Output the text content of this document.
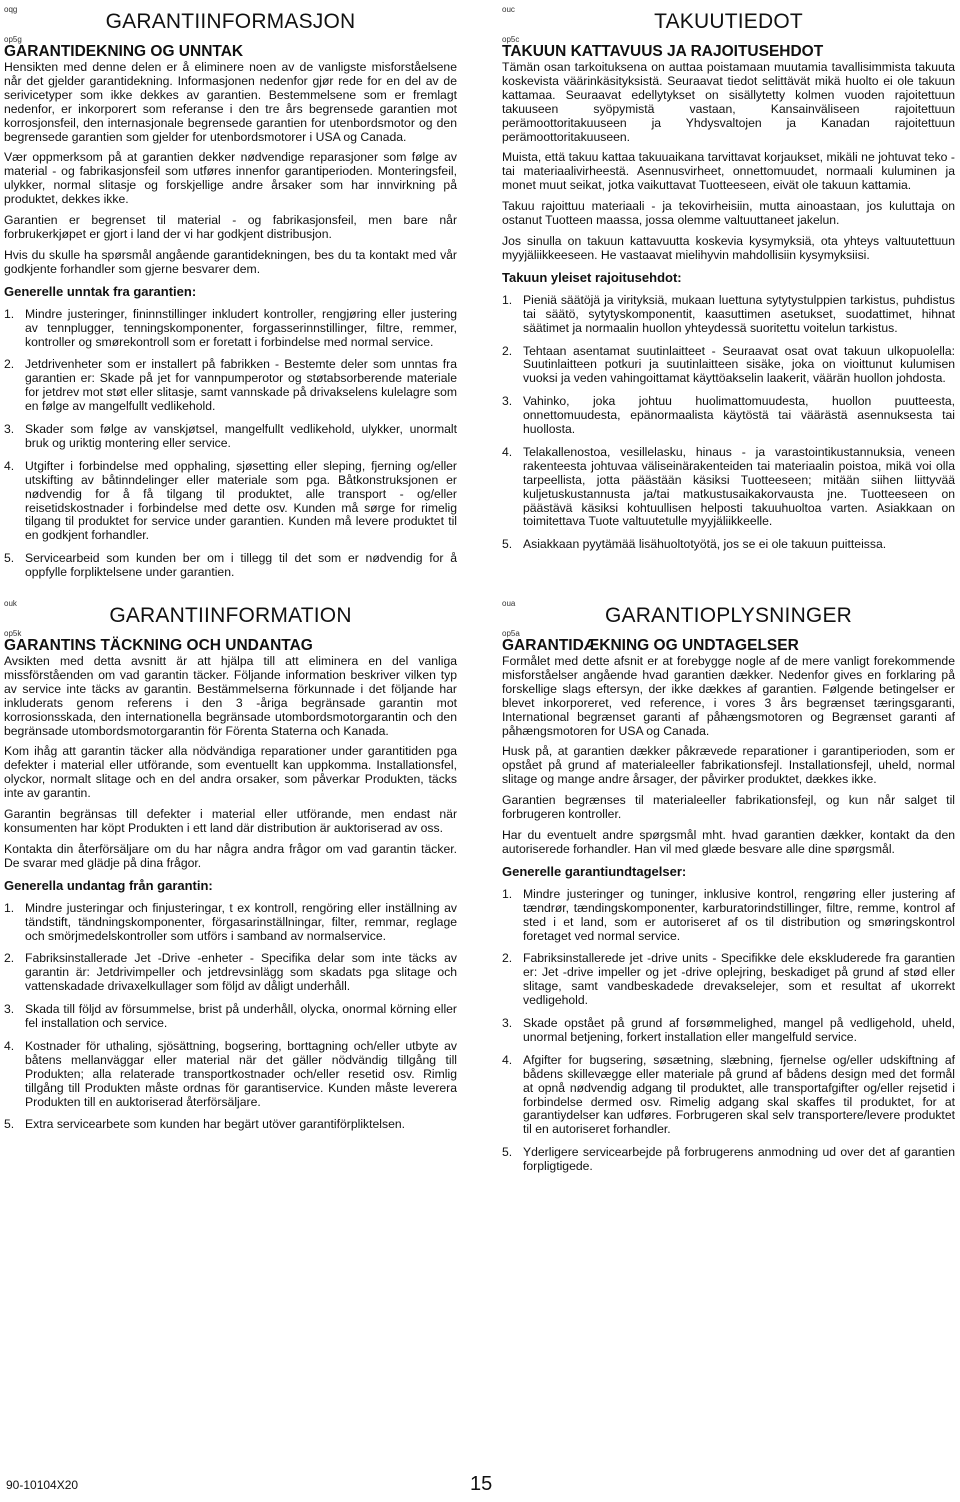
oqg
GARANTIINFORMASJON
op5g
GARANTIDEKNING OG UNNTAK

Hensikten med denne delen er å eliminere noen av de vanligste misforståelsene når det gjelder garantidekning. Informasjonen nedenfor gjør rede for en del av de serivicetyper som ikke dekkes av garantien. Bestemmelsene som er fremlagt nedenfor, er inkorporert som referanse i den tre års begrensede garantien mot korrosjonsfeil, den internasjonale begrensede garantien for utenbordsmotor og den begrensede garantien som gjelder for utenbordsmotorer i USA og Canada.

Vær oppmerksom på at garantien dekker nødvendige reparasjoner som følge av material - og fabrikasjonsfeil som utføres innenfor garantiperioden. Monteringsfeil, ulykker, normal slitasje og forskjellige andre årsaker som har innvirkning på produktet, dekkes ikke.

Garantien er begrenset til material - og fabrikasjonsfeil, men bare når forbrukerkjøpet er gjort i land der vi har godkjent distribusjon.

Hvis du skulle ha spørsmål angående garantidekningen, bes du ta kontakt med vår godkjente forhandler som gjerne besvarer dem.

Generelle unntak fra garantien:
1. Mindre justeringer, fininnstillinger inkludert kontroller, rengjøring eller justering av tennplugger, tenningskomponenter, forgasserinnstillinger, filtre, remmer, kontroller og smørekontroll som er foretatt i forbindelse med normal service.
2. Jetdrivenheter som er installert på fabrikken - Bestemte deler som unntas fra garantien er: Skade på jet for vannpumperotor og støtabsorberende materiale for jetdrev mot støt eller slitasje, samt vannskade på drivakselens kulelagre som en følge av mangelfullt vedlikehold.
3. Skader som følge av vanskjøtsel, mangelfullt vedlikehold, ulykker, unormalt bruk og uriktig montering eller service.
4. Utgifter i forbindelse med opphaling, sjøsetting eller sleping, fjerning og/eller utskifting av båtinndelinger eller materiale som pga. Båtkonstruksjonen er nødvendig for å få tilgang til produktet, alle transport - og/eller reisetidskostnader i forbindelse med dette osv. Kunden må sørge for rimelig tilgang til produktet for service under garantien. Kunden må levere produktet til en godkjent forhandler.
5. Servicearbeid som kunden ber om i tillegg til det som er nødvendig for å oppfylle forpliktelsene under garantien.
ouc
TAKUUTIEDOT
op5c
TAKUUN KATTAVUUS JA RAJOITUSEHDOT

Tämän osan tarkoituksena on auttaa poistamaan muutamia tavallisimmista takuuta koskevista väärinkäsityksistä. Seuraavat tiedot selittävät mikä huolto ei ole takuun kattamaa. Seuraavat edellytykset on sisällytetty kolmen vuoden rajoitettuun takuuseen syöpymistä vastaan, Kansainväliseen rajoitettuun perämoottoritakuuseen ja Yhdysvaltojen ja Kanadan rajoitettuun perämoottoritakuuseen.

Muista, että takuu kattaa takuuaikana tarvittavat korjaukset, mikäli ne johtuvat teko - tai materiaalivirheestä. Asennusvirheet, onnettomuudet, normaali kuluminen ja monet muut seikat, jotka vaikuttavat Tuotteeseen, eivät ole takuun kattamia.

Takuu rajoittuu materiaali - ja tekovirheisiin, mutta ainoastaan, jos kuluttaja on ostanut Tuotteen maassa, jossa olemme valtuuttaneet jakelun.

Jos sinulla on takuun kattavuutta koskevia kysymyksiä, ota yhteys valtuutettuun myyjäliikkeeseen. He vastaavat mielihyvin mahdollisiin kysymyksiisi.

Takuun yleiset rajoitusehdot:
1. Pieniä säätöjä ja virityksiä, mukaan luettuna sytytystulppien tarkistus, puhdistus tai säätö, sytytyskomponentit, kaasuttimen asetukset, suodattimet, hihnat säätimet ja normaalin huollon yhteydessä suoritettu voitelun tarkistus.
2. Tehtaan asentamat suutinlaitteet - Seuraavat osat ovat takuun ulkopuolella: Suutinlaitteen potkuri ja suutinlaitteen sisäke, joka on vioittunut kulumisen vuoksi ja veden vahingoittamat käyttöakselin laakerit, väärän huollon johdosta.
3. Vahinko, joka johtuu huolimattomuudesta, huollon puutteesta, onnettomuudesta, epänormaalista käytöstä tai väärästä asennuksesta tai huollosta.
4. Telakallenostoa, vesillelasku, hinaus - ja varastointikustannuksia, veneen rakenteesta johtuvaa väliseinärakenteiden tai materiaalin poistoa, mikä voi olla tarpeellista, jotta päästään käsiksi Tuotteeseen; mitään siihen liittyvää kuljetuskustannusta ja/tai matkustusaikakorvausta jne. Tuotteeseen on päästävä käsiksi kohtuullisen helposti takuuhuoltoa varten. Asiakkaan on toimitettava Tuote valtuutetulle myyjäliikkeelle.
5. Asiakkaan pyytämää lisähuoltotyötä, jos se ei ole takuun puitteissa.
ouk
GARANTIINFORMATION
op5k
GARANTINS TÄCKNING OCH UNDANTAG

Avsikten med detta avsnitt är att hjälpa till att eliminera en del vanliga missförståenden om vad garantin täcker. Följande information beskriver vilken typ av service inte täcks av garantin. Bestämmelserna förkunnade i det följande har inkluderats genom referens i den 3 -åriga begränsade garantin mot korrosionsskada, den internationella begränsade utombordsmotorgarantin och den begränsade utombordsmotorgarantin för Förenta Staterna och Kanada.

Kom ihåg att garantin täcker alla nödvändiga reparationer under garantitiden pga defekter i material eller utförande, som eventuellt kan uppkomma. Installationsfel, olyckor, normalt slitage och en del andra orsaker, som påverkar Produkten, täcks inte av garantin.

Garantin begränsas till defekter i material eller utförande, men endast när konsumenten har köpt Produkten i ett land där distribution är auktoriserad av oss.

Kontakta din återförsäljare om du har några andra frågor om vad garantin täcker. De svarar med glädje på dina frågor.

Generella undantag från garantin:
1. Mindre justeringar och finjusteringar, t ex kontroll, rengöring eller inställning av tändstift, tändningskomponenter, förgasarinställningar, filter, remmar, reglage och smörjmedelskontroller som utförs i samband av normalservice.
2. Fabriksinstallerade Jet -Drive -enheter - Specifika delar som inte täcks av garantin är: Jetdrivimpeller och jetdrevsinlägg som skadats pga slitage och vattenskadade drivaxelkullager som följd av dåligt underhåll.
3. Skada till följd av försummelse, brist på underhåll, olycka, onormal körning eller fel installation och service.
4. Kostnader för uthaling, sjösättning, bogsering, borttagning och/eller utbyte av båtens mellanväggar eller material när det gäller nödvändig tillgång till Produkten; alla relaterade transportkostnader och/eller resetid osv. Rimlig tillgång till Produkten måste ordnas för garantiservice. Kunden måste leverera Produkten till en auktoriserad återförsäljare.
5. Extra servicearbete som kunden har begärt utöver garantiförpliktelsen.
oua
GARANTIOPLYSNINGER
op5a
GARANTIDÆKNING OG UNDTAGELSER

Formålet med dette afsnit er at forebygge nogle af de mere vanligt forekommende misforståelser angående hvad garantien dækker. Nedenfor gives en forklaring på forskellige slags eftersyn, der ikke dækkes af garantien. Følgende betingelser er blevet inkorporeret, ved reference, i vores 3 års begrænset tæringsgaranti, International begrænset garanti af påhængsmotoren og Begrænset garanti af påhængsmotoren for USA og Canada.

Husk på, at garantien dækker påkrævede reparationer i garantiperioden, som er opstået på grund af materialeeller fabrikationsfejl. Installationsfejl, uheld, normal slitage og mange andre årsager, der påvirker produktet, dækkes ikke.

Garantien begrænses til materialeeller fabrikationsfejl, og kun når salget til forbrugeren kontroller.

Har du eventuelt andre spørgsmål mht. hvad garantien dækker, kontakt da den autoriserede forhandler. Han vil med glæde besvare alle dine spørgsmål.

Generelle garantiundtagelser:
1. Mindre justeringer og tuninger, inklusive kontrol, rengøring eller justering af tændrør, tændingskomponenter, karburatorindstillinger, filtre, remme, kontrol af sted i et land, som er autoriseret af os til distribution og smøringskontrol foretaget ved normal service.
2. Fabriksinstallerede jet -drive units - Specifikke dele ekskluderede fra garantien er: Jet -drive impeller og jet -drive oplejring, beskadiget på grund af stød eller slitage, samt vandbeskadede drevakselejer, som et resultat af ukorrekt vedligehold.
3. Skade opstået på grund af forsømmelighed, mangel på vedligehold, uheld, unormal betjening, forkert installation eller mangelfuld service.
4. Afgifter for bugsering, søsætning, slæbning, fjernelse og/eller udskiftning af bådens skillevægge eller materiale på grund af bådens design med det formål at opnå nødvendig adgang til produktet, alle transportafgifter og/eller rejsetid i forbindelse dermed osv. Rimelig adgang skal skaffes til produktet, for at garantiydelser kan udføres. Forbrugeren skal selv transportere/levere produktet til en autoriseret forhandler.
5. Yderligere servicearbejde på forbrugerens anmodning ud over det af garantien forpligtigede.
90-10104X20	15
